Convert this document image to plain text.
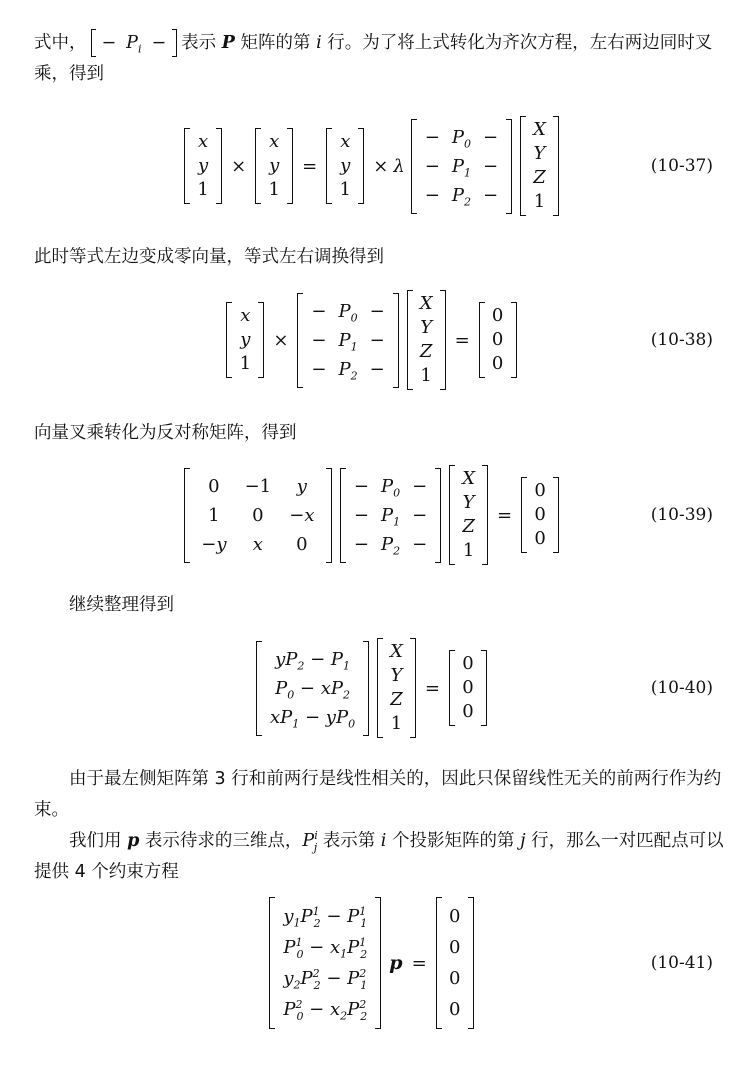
式中， − $P_i$ − 表示 P 矩阵的第 i 行。为了将上式转化为齐次方程，左右两边同时叉乘，得到

x
y
1
×
x
y
1
=
x
y
1
× λ
− $P_0$ −
− $P_1$ −
− $P_2$ −
X
Y
Z
1
(10-37)

此时等式左边变成零向量，等式左右调换得到

x
y
1
×
− $P_0$ −
− $P_1$ −
− $P_2$ −
X
Y
Z
1
=
0
0
0
(10-38)

向量叉乘转化为反对称矩阵，得到

0	−1	y
1	0	−x
−y	x	0
− $P_0$ −
− $P_1$ −
− $P_2$ −
X
Y
Z
1
=
0
0
0
(10-39)

继续整理得到

$yP_2 - P_1$
$P_0 - xP_2$
$xP_1 - yP_0$
X
Y
Z
1
=
0
0
0
(10-40)

由于最左侧矩阵第 3 行和前两行是线性相关的，因此只保留线性无关的前两行作为约束。

我们用 p 表示待求的三维点，$P^i_j$ 表示第 i 个投影矩阵的第 j 行，那么一对匹配点可以提供 4 个约束方程

$y_1P^1_2 - P^1_1$
$P^1_0 - x_1P^1_2$
$y_2P^2_2 - P^2_1$
$P^2_0 - x_2P^2_2$
p =
0
0
0
0
(10-41)
